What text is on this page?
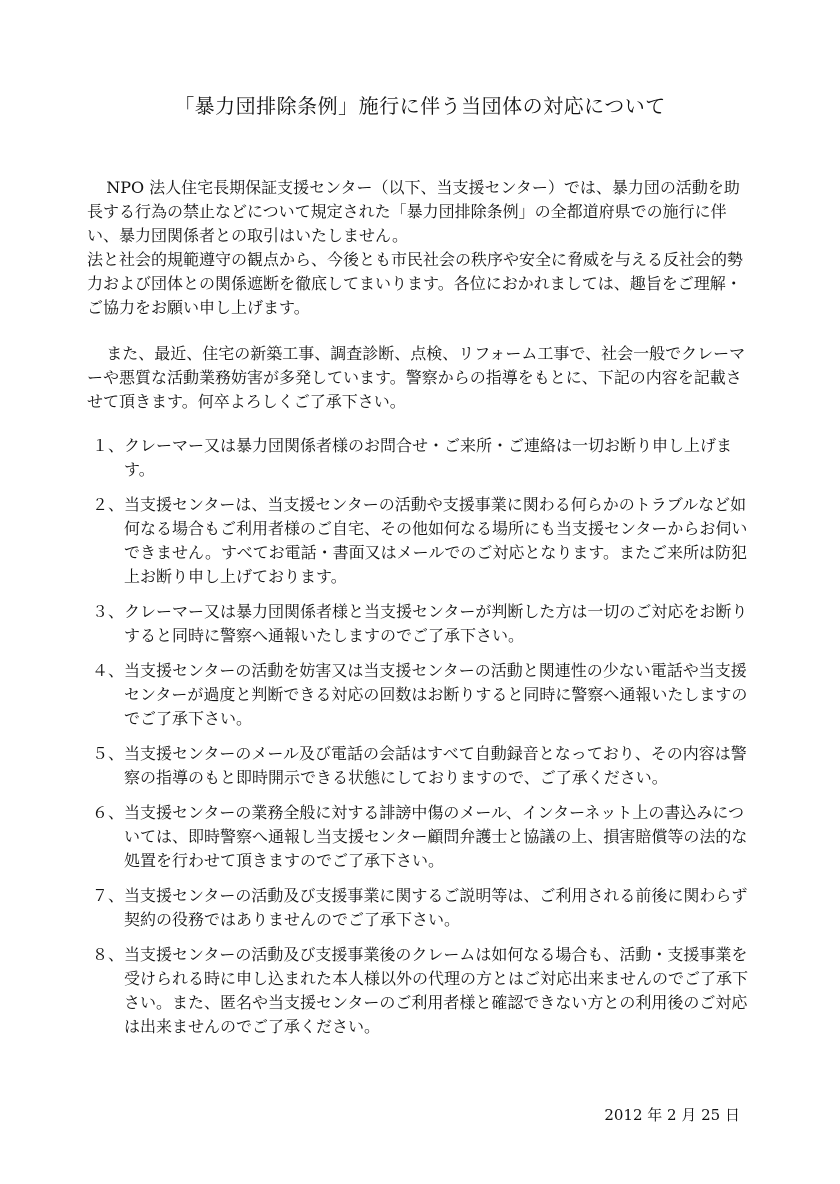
「暴力団排除条例」施行に伴う当団体の対応について

NPO 法人住宅長期保証支援センター（以下、当支援センター）では、暴力団の活動を助長する行為の禁止などについて規定された「暴力団排除条例」の全都道府県での施行に伴い、暴力団関係者との取引はいたしません。

法と社会的規範遵守の観点から、今後とも市民社会の秩序や安全に脅威を与える反社会的勢力および団体との関係遮断を徹底してまいります。各位におかれましては、趣旨をご理解・ご協力をお願い申し上げます。

また、最近、住宅の新築工事、調査診断、点検、リフォーム工事で、社会一般でクレーマーや悪質な活動業務妨害が多発しています。警察からの指導をもとに、下記の内容を記載させて頂きます。何卒よろしくご了承下さい。

１、 クレーマー又は暴力団関係者様のお問合せ・ご来所・ご連絡は一切お断り申し上げます。
２、 当支援センターは、当支援センターの活動や支援事業に関わる何らかのトラブルなど如何なる場合もご利用者様のご自宅、その他如何なる場所にも当支援センターからお伺いできません。すべてお電話・書面又はメールでのご対応となります。またご来所は防犯上お断り申し上げております。
３、 クレーマー又は暴力団関係者様と当支援センターが判断した方は一切のご対応をお断りすると同時に警察へ通報いたしますのでご了承下さい。
４、 当支援センターの活動を妨害又は当支援センターの活動と関連性の少ない電話や当支援センターが過度と判断できる対応の回数はお断りすると同時に警察へ通報いたしますのでご了承下さい。
５、 当支援センターのメール及び電話の会話はすべて自動録音となっており、その内容は警察の指導のもと即時開示できる状態にしておりますので、ご了承ください。
６、 当支援センターの業務全般に対する誹謗中傷のメール、インターネット上の書込みについては、即時警察へ通報し当支援センター顧問弁護士と協議の上、損害賠償等の法的な処置を行わせて頂きますのでご了承下さい。
７、 当支援センターの活動及び支援事業に関するご説明等は、ご利用される前後に関わらず契約の役務ではありませんのでご了承下さい。
８、 当支援センターの活動及び支援事業後のクレームは如何なる場合も、活動・支援事業を受けられる時に申し込まれた本人様以外の代理の方とはご対応出来ませんのでご了承下さい。また、匿名や当支援センターのご利用者様と確認できない方との利用後のご対応は出来ませんのでご了承ください。
2012 年 2 月 25 日
